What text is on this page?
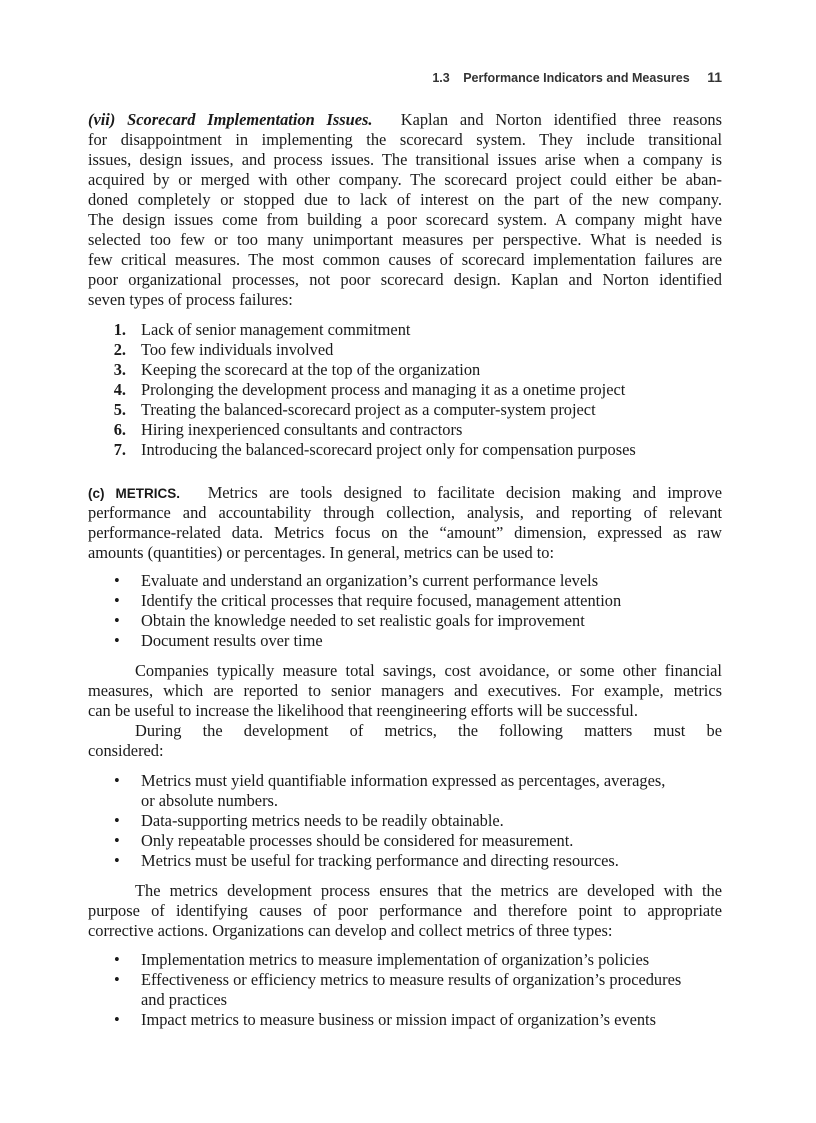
1.3 Performance Indicators and Measures 11
(vii) Scorecard Implementation Issues.  Kaplan and Norton identified three reasons
for disappointment in implementing the scorecard system. They include transitional
issues, design issues, and process issues. The transitional issues arise when a company is
acquired by or merged with other company. The scorecard project could either be aban-
doned completely or stopped due to lack of interest on the part of the new company.
The design issues come from building a poor scorecard system. A company might have
selected too few or too many unimportant measures per perspective. What is needed is
few critical measures. The most common causes of scorecard implementation failures are
poor organizational processes, not poor scorecard design. Kaplan and Norton identified
seven types of process failures:
1. Lack of senior management commitment
2. Too few individuals involved
3. Keeping the scorecard at the top of the organization
4. Prolonging the development process and managing it as a onetime project
5. Treating the balanced-scorecard project as a computer-system project
6. Hiring inexperienced consultants and contractors
7. Introducing the balanced-scorecard project only for compensation purposes
(c) METRICS.  Metrics are tools designed to facilitate decision making and improve
performance and accountability through collection, analysis, and reporting of relevant
performance-related data. Metrics focus on the “amount” dimension, expressed as raw
amounts (quantities) or percentages. In general, metrics can be used to:
• Evaluate and understand an organization’s current performance levels
• Identify the critical processes that require focused, management attention
• Obtain the knowledge needed to set realistic goals for improvement
• Document results over time
Companies typically measure total savings, cost avoidance, or some other financial
measures, which are reported to senior managers and executives. For example, metrics
can be useful to increase the likelihood that reengineering efforts will be successful.
During the development of metrics, the following matters must be
considered:
• Metrics must yield quantifiable information expressed as percentages, averages,
or absolute numbers.
• Data-supporting metrics needs to be readily obtainable.
• Only repeatable processes should be considered for measurement.
• Metrics must be useful for tracking performance and directing resources.
The metrics development process ensures that the metrics are developed with the
purpose of identifying causes of poor performance and therefore point to appropriate
corrective actions. Organizations can develop and collect metrics of three types:
• Implementation metrics to measure implementation of organization’s policies
• Effectiveness or efficiency metrics to measure results of organization’s procedures
and practices
• Impact metrics to measure business or mission impact of organization’s events
